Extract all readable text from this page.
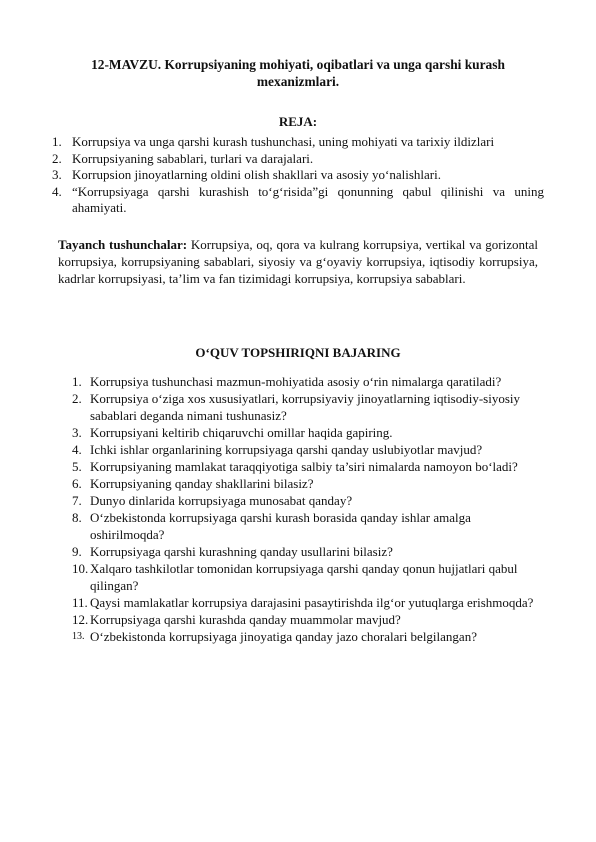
12-MAVZU. Korrupsiyaning mohiyati, oqibatlari va unga qarshi kurash mexanizmlari.
REJA:
1. Korrupsiya va unga qarshi kurash tushunchasi, uning mohiyati va tarixiy ildizlari
2. Korrupsiyaning sabablari, turlari va darajalari.
3. Korrupsion jinoyatlarning oldini olish shakllari va asosiy yo‘nalishlari.
4. “Korrupsiyaga qarshi kurashish to‘g‘risida”gi qonunning qabul qilinishi va uning ahamiyati.
Tayanch tushunchalar: Korrupsiya, oq, qora va kulrang korrupsiya, vertikal va gorizontal korrupsiya, korrupsiyaning sabablari, siyosiy va g‘oyaviy korrupsiya, iqtisodiy korrupsiya, kadrlar korrupsiyasi, ta’lim va fan tizimidagi korrupsiya, korrupsiya sabablari.
O‘QUV TOPSHIRIQNI BAJARING
1. Korrupsiya tushunchasi mazmun-mohiyatida asosiy o‘rin nimalarga qaratiladi?
2. Korrupsiya o‘ziga xos xususiyatlari, korrupsiyaviy jinoyatlarning iqtisodiy-siyosiy sabablari deganda nimani tushunasiz?
3. Korrupsiyani keltirib chiqaruvchi omillar haqida gapiring.
4. Ichki ishlar organlarining korrupsiyaga qarshi qanday uslubiyotlar mavjud?
5. Korrupsiyaning mamlakat taraqqiyotiga salbiy ta’siri nimalarda namoyon bo‘ladi?
6. Korrupsiyaning qanday shakllarini bilasiz?
7. Dunyo dinlarida korrupsiyaga munosabat qanday?
8. O‘zbekistonda korrupsiyaga qarshi kurash borasida qanday ishlar amalga oshirilmoqda?
9. Korrupsiyaga qarshi kurashning qanday usullarini bilasiz?
10. Xalqaro tashkilotlar tomonidan korrupsiyaga qarshi qanday qonun hujjatlari qabul qilingan?
11. Qaysi mamlakatlar korrupsiya darajasini pasaytirishda ilg‘or yutuqlarga erishmoqda?
12. Korrupsiyaga qarshi kurashda qanday muammolar mavjud?
13. O‘zbekistonda korrupsiyaga jinoyatiga qanday jazo choralari belgilangan?
